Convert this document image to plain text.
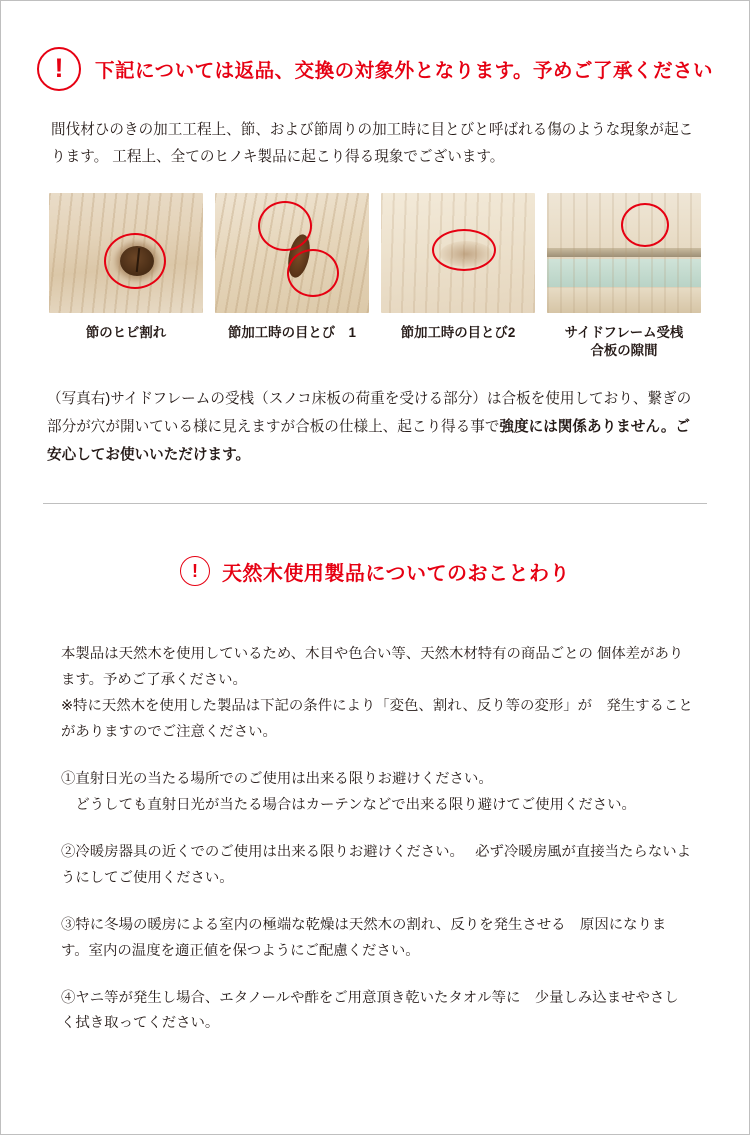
! 下記については返品、交換の対象外となります。予めご了承ください

間伐材ひのきの加工工程上、節、および節周りの加工時に目とびと呼ばれる傷のような現象が起こります。 工程上、全てのヒノキ製品に起こり得る現象でございます。

節のヒビ割れ	節加工時の目とび　1	節加工時の目とび2	サイドフレーム受桟
合板の隙間

（写真右)サイドフレームの受桟（スノコ床板の荷重を受ける部分）は合板を使用しており、繋ぎの部分が穴が開いている様に見えますが合板の仕様上、起こり得る事で強度には関係ありません。ご安心してお使いいただけます。

! 天然木使用製品についてのおことわり

本製品は天然木を使用しているため、木目や色合い等、天然木材特有の商品ごとの 個体差があります。予めご了承ください。
※特に天然木を使用した製品は下記の条件により「変色、割れ、反り等の変形」が　発生することがありますのでご注意ください。

①直射日光の当たる場所でのご使用は出来る限りお避けください。

どうしても直射日光が当たる場合はカーテンなどで出来る限り避けてご使用ください。

②冷暖房器具の近くでのご使用は出来る限りお避けください。　 必ず冷暖房風が直接当たらないようにしてご使用ください。

③特に冬場の暖房による室内の極端な乾燥は天然木の割れ、反りを発生させる　原因になります。室内の温度を適正値を保つようにご配慮ください。

④ヤニ等が発生し場合、エタノールや酢をご用意頂き乾いたタオル等に　少量しみ込ませやさしく拭き取ってください。
